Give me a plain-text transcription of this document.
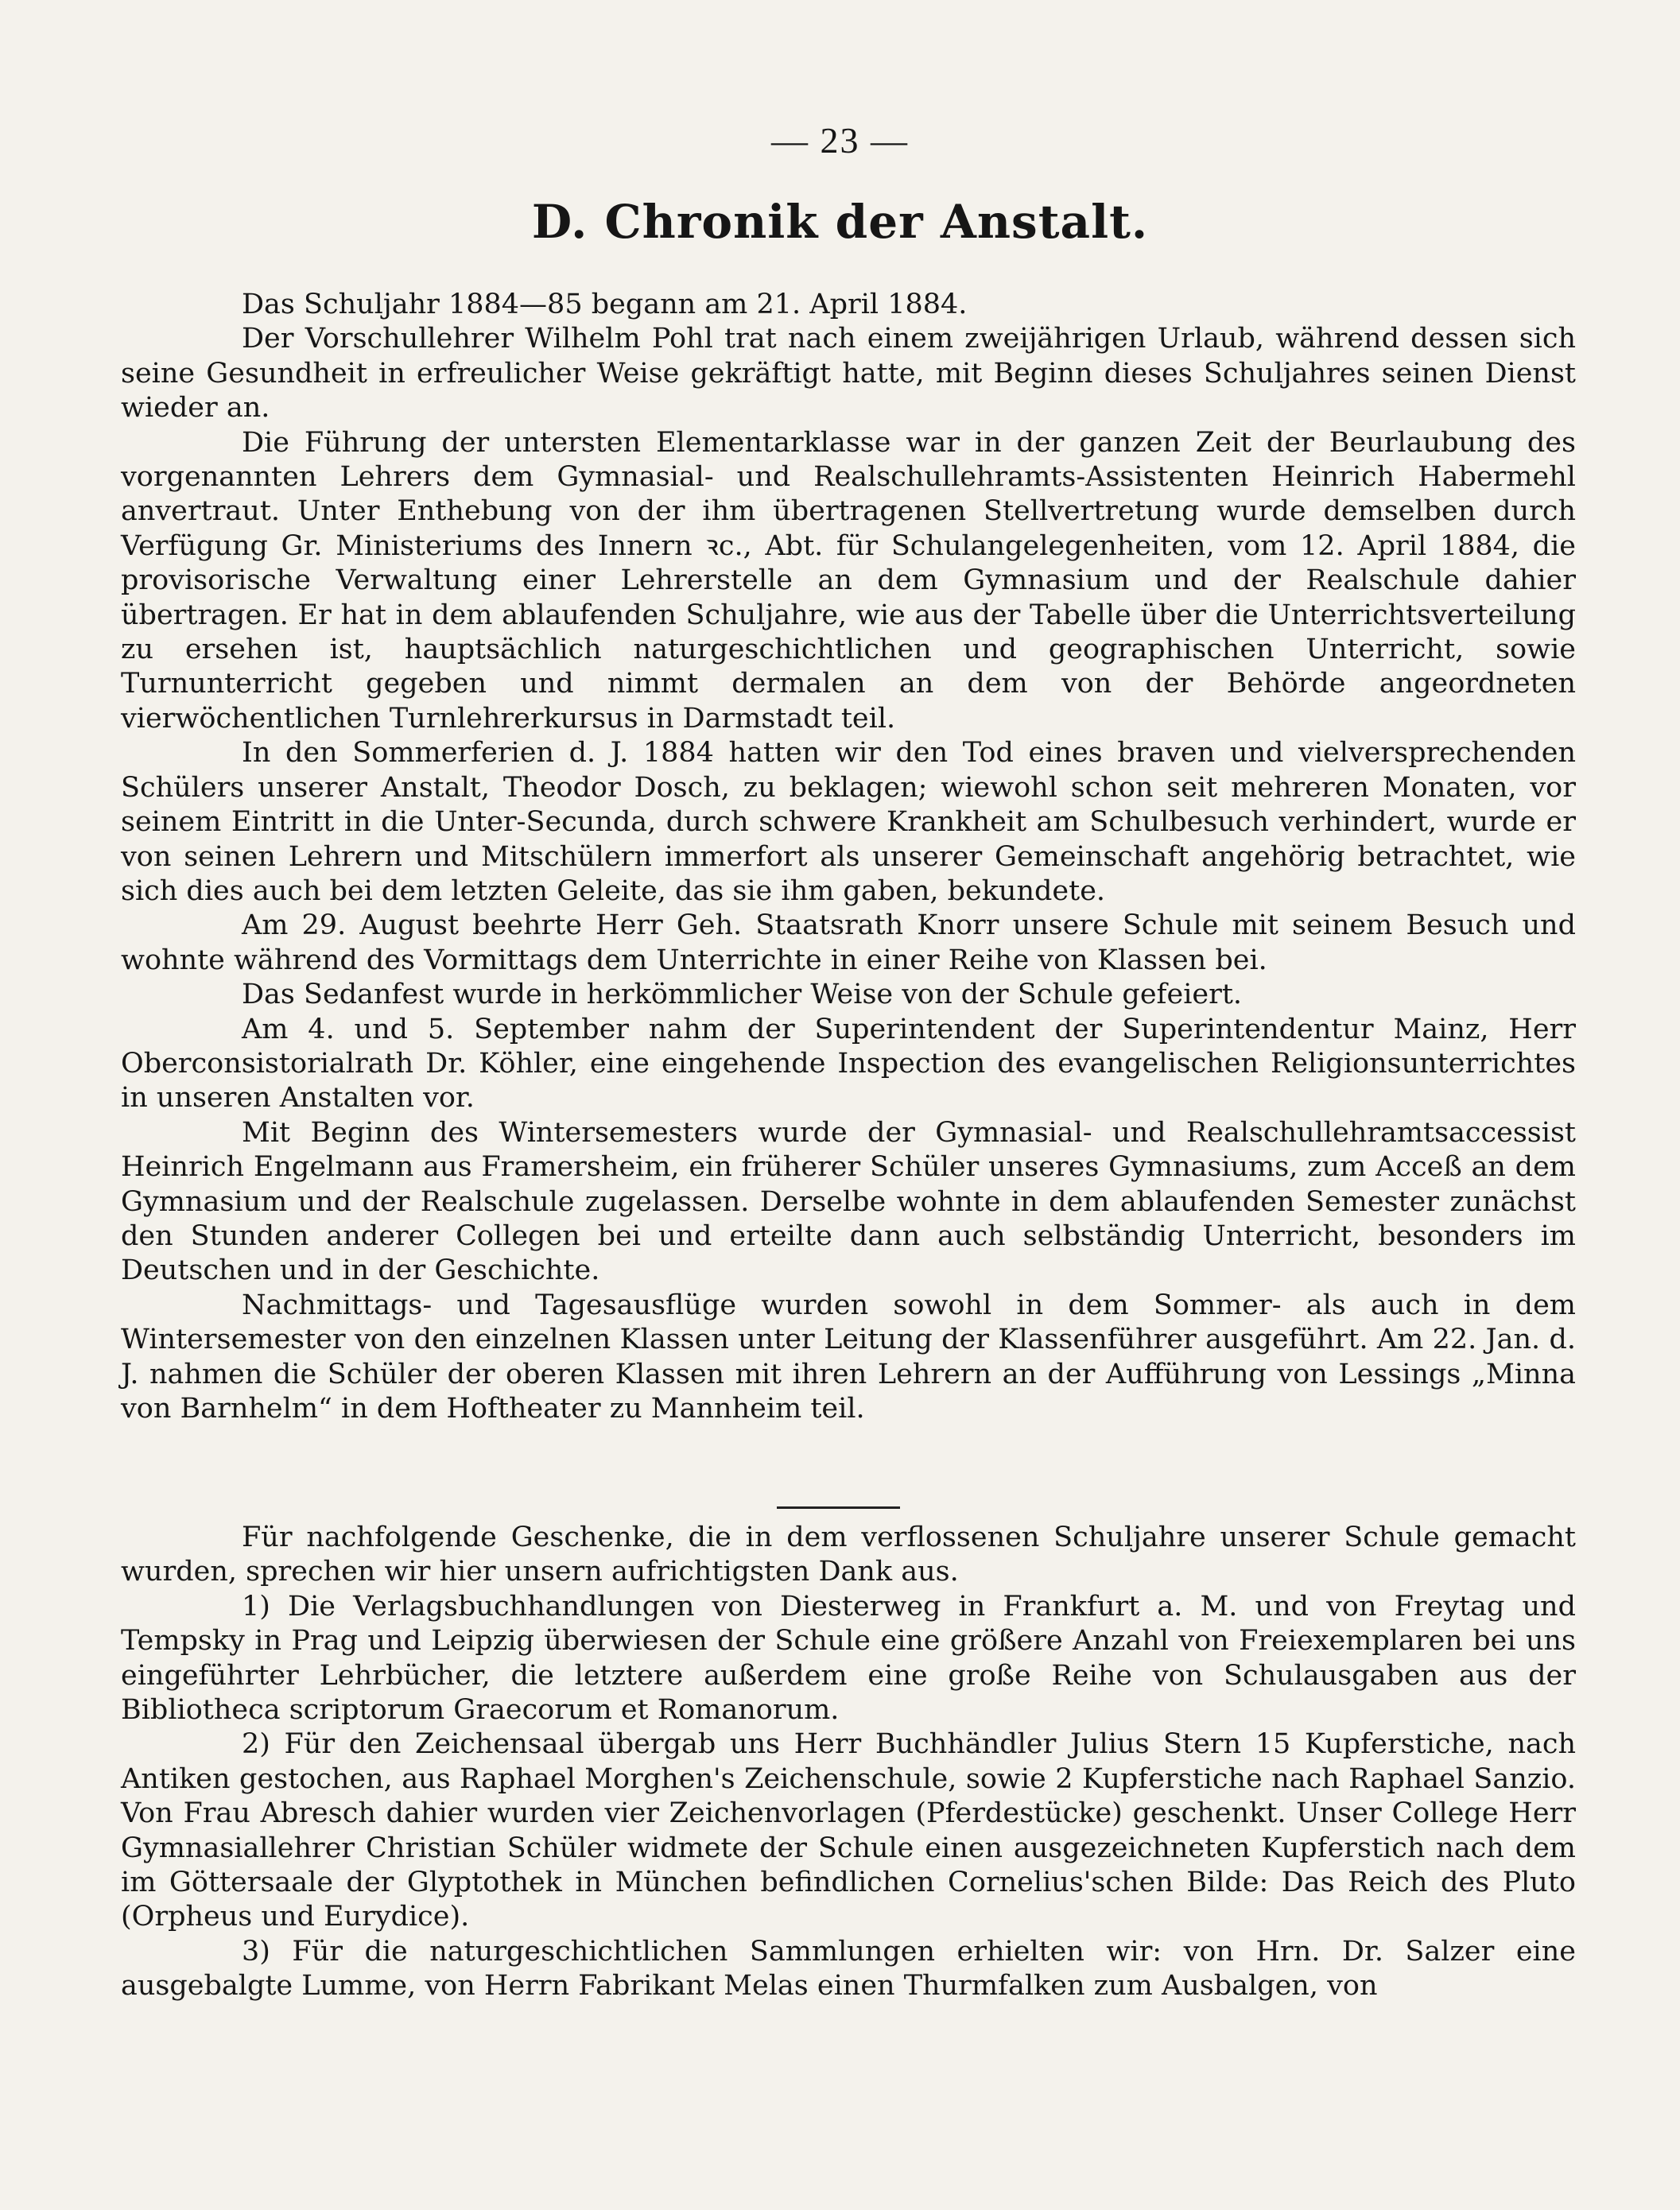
— 23 —
D. Chronik der Anstalt.

Das Schuljahr 1884—85 begann am 21. April 1884.

Der Vorschullehrer Wilhelm Pohl trat nach einem zweijährigen Urlaub, während dessen sich seine Gesundheit in erfreulicher Weise gekräftigt hatte, mit Beginn dieses Schuljahres seinen Dienst wieder an.

Die Führung der untersten Elementarklasse war in der ganzen Zeit der Beurlaubung des vorgenannten Lehrers dem Gymnasial- und Realschullehramts-Assistenten Heinrich Habermehl anvertraut. Unter Enthebung von der ihm übertragenen Stellvertretung wurde demselben durch Verfügung Gr. Ministeriums des Innern ꝛc., Abt. für Schulangelegenheiten, vom 12. April 1884, die provisorische Verwaltung einer Lehrerstelle an dem Gymnasium und der Realschule dahier übertragen. Er hat in dem ablaufenden Schuljahre, wie aus der Tabelle über die Unterrichtsverteilung zu ersehen ist, hauptsächlich naturgeschichtlichen und geographischen Unterricht, sowie Turnunterricht gegeben und nimmt dermalen an dem von der Behörde angeordneten vierwöchentlichen Turnlehrerkursus in Darmstadt teil.

In den Sommerferien d. J. 1884 hatten wir den Tod eines braven und vielversprechenden Schülers unserer Anstalt, Theodor Dosch, zu beklagen; wiewohl schon seit mehreren Monaten, vor seinem Eintritt in die Unter-Secunda, durch schwere Krankheit am Schulbesuch verhindert, wurde er von seinen Lehrern und Mitschülern immerfort als unserer Gemeinschaft angehörig betrachtet, wie sich dies auch bei dem letzten Geleite, das sie ihm gaben, bekundete.

Am 29. August beehrte Herr Geh. Staatsrath Knorr unsere Schule mit seinem Besuch und wohnte während des Vormittags dem Unterrichte in einer Reihe von Klassen bei.

Das Sedanfest wurde in herkömmlicher Weise von der Schule gefeiert.

Am 4. und 5. September nahm der Superintendent der Superintendentur Mainz, Herr Oberconsistorialrath Dr. Köhler, eine eingehende Inspection des evangelischen Religionsunterrichtes in unseren Anstalten vor.

Mit Beginn des Wintersemesters wurde der Gymnasial- und Realschullehramtsaccessist Heinrich Engelmann aus Framersheim, ein früherer Schüler unseres Gymnasiums, zum Acceß an dem Gymnasium und der Realschule zugelassen. Derselbe wohnte in dem ablaufenden Semester zunächst den Stunden anderer Collegen bei und erteilte dann auch selbständig Unterricht, besonders im Deutschen und in der Geschichte.

Nachmittags- und Tagesausflüge wurden sowohl in dem Sommer- als auch in dem Wintersemester von den einzelnen Klassen unter Leitung der Klassenführer ausgeführt. Am 22. Jan. d. J. nahmen die Schüler der oberen Klassen mit ihren Lehrern an der Aufführung von Lessings „Minna von Barnhelm“ in dem Hoftheater zu Mannheim teil.

Für nachfolgende Geschenke, die in dem verflossenen Schuljahre unserer Schule gemacht wurden, sprechen wir hier unsern aufrichtigsten Dank aus.

1) Die Verlagsbuchhandlungen von Diesterweg in Frankfurt a. M. und von Freytag und Tempsky in Prag und Leipzig überwiesen der Schule eine größere Anzahl von Freiexemplaren bei uns eingeführter Lehrbücher, die letztere außerdem eine große Reihe von Schulausgaben aus der Bibliotheca scriptorum Graecorum et Romanorum.

2) Für den Zeichensaal übergab uns Herr Buchhändler Julius Stern 15 Kupferstiche, nach Antiken gestochen, aus Raphael Morghen's Zeichenschule, sowie 2 Kupferstiche nach Raphael Sanzio. Von Frau Abresch dahier wurden vier Zeichenvorlagen (Pferdestücke) geschenkt. Unser College Herr Gymnasiallehrer Christian Schüler widmete der Schule einen ausgezeichneten Kupferstich nach dem im Göttersaale der Glyptothek in München befindlichen Cornelius'schen Bilde: Das Reich des Pluto (Orpheus und Eurydice).

3) Für die naturgeschichtlichen Sammlungen erhielten wir: von Hrn. Dr. Salzer eine ausgebalgte Lumme, von Herrn Fabrikant Melas einen Thurmfalken zum Ausbalgen, von
